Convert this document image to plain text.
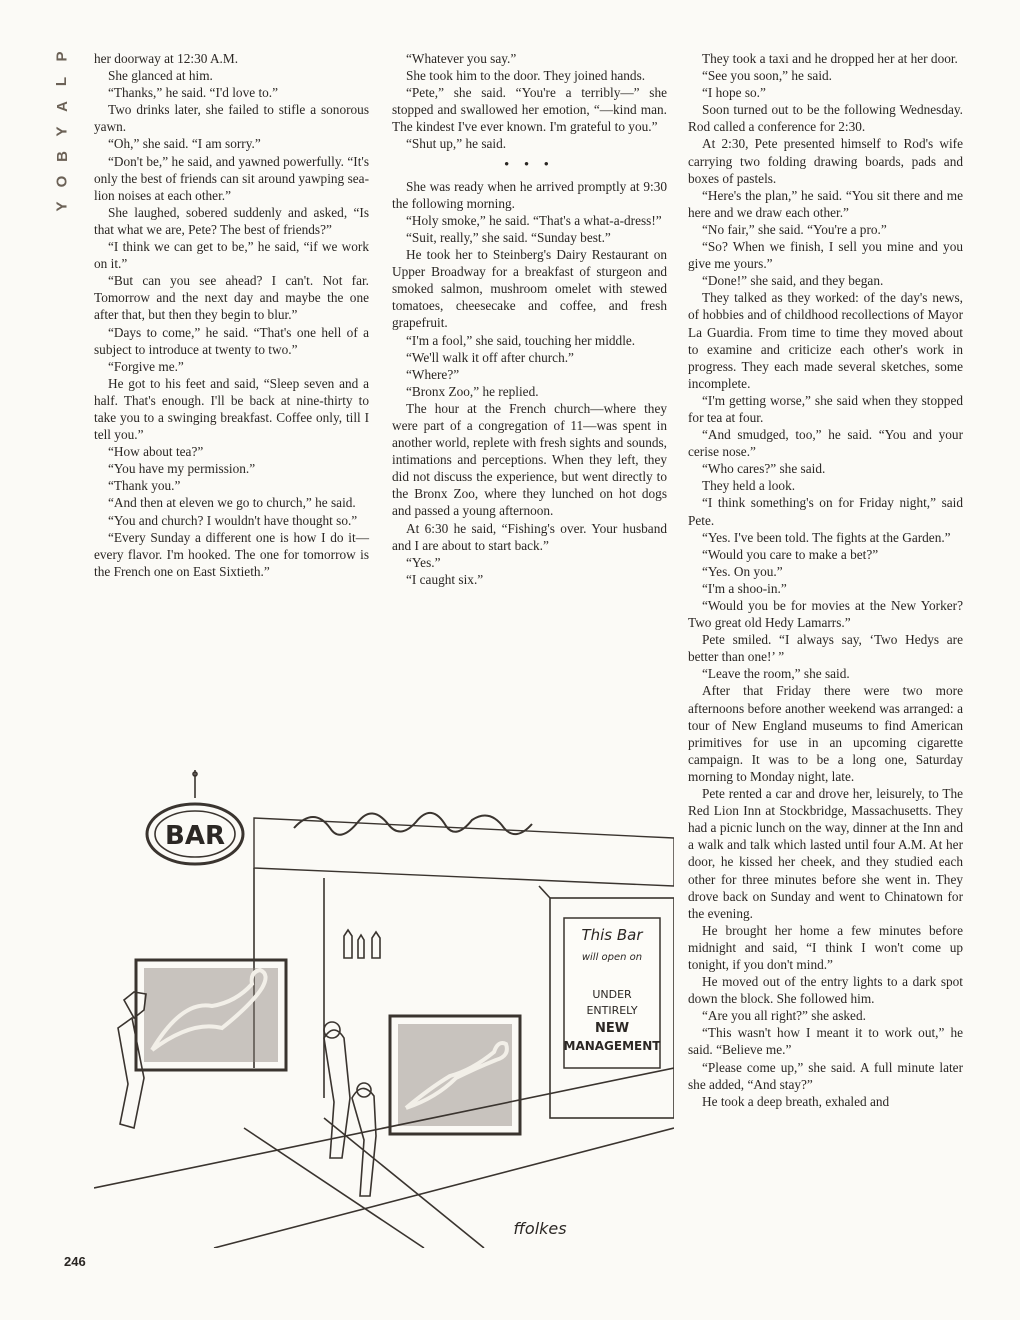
P
L
A
Y
B
O
Y

her doorway at 12:30 A.M.

She glanced at him.

“Thanks,” he said. “I'd love to.”

Two drinks later, she failed to stifle a sonorous yawn.

“Oh,” she said. “I am sorry.”

“Don't be,” he said, and yawned powerfully. “It's only the best of friends can sit around yawping sea-lion noises at each other.”

She laughed, sobered suddenly and asked, “Is that what we are, Pete? The best of friends?”

“I think we can get to be,” he said, “if we work on it.”

“But can you see ahead? I can't. Not far. Tomorrow and the next day and maybe the one after that, but then they begin to blur.”

“Days to come,” he said. “That's one hell of a subject to introduce at twenty to two.”

“Forgive me.”

He got to his feet and said, “Sleep seven and a half. That's enough. I'll be back at nine-thirty to take you to a swinging breakfast. Coffee only, till I tell you.”

“How about tea?”

“You have my permission.”

“Thank you.”

“And then at eleven we go to church,” he said.

“You and church? I wouldn't have thought so.”

“Every Sunday a different one is how I do it—every flavor. I'm hooked. The one for tomorrow is the French one on East Sixtieth.”

“Whatever you say.”

She took him to the door. They joined hands.

“Pete,” she said. “You're a terribly—” she stopped and swallowed her emotion, “—kind man. The kindest I've ever known. I'm grateful to you.”

“Shut up,” he said.

• • •

She was ready when he arrived promptly at 9:30 the following morning.

“Holy smoke,” he said. “That's a what-a-dress!”

“Suit, really,” she said. “Sunday best.”

He took her to Steinberg's Dairy Restaurant on Upper Broadway for a breakfast of sturgeon and smoked salmon, mushroom omelet with stewed tomatoes, cheesecake and coffee, and fresh grapefruit.

“I'm a fool,” she said, touching her middle.

“We'll walk it off after church.”

“Where?”

“Bronx Zoo,” he replied.

The hour at the French church—where they were part of a congregation of 11—was spent in another world, replete with fresh sights and sounds, intimations and perceptions. When they left, they did not discuss the experience, but went directly to the Bronx Zoo, where they lunched on hot dogs and passed a young afternoon.

At 6:30 he said, “Fishing's over. Your husband and I are about to start back.”

“Yes.”

“I caught six.”

They took a taxi and he dropped her at her door.

“See you soon,” he said.

“I hope so.”

Soon turned out to be the following Wednesday. Rod called a conference for 2:30.

At 2:30, Pete presented himself to Rod's wife carrying two folding drawing boards, pads and boxes of pastels.

“Here's the plan,” he said. “You sit there and me here and we draw each other.”

“No fair,” she said. “You're a pro.”

“So? When we finish, I sell you mine and you give me yours.”

“Done!” she said, and they began.

They talked as they worked: of the day's news, of hobbies and of childhood recollections of Mayor La Guardia. From time to time they moved about to examine and criticize each other's work in progress. They each made several sketches, some incomplete.

“I'm getting worse,” she said when they stopped for tea at four.

“And smudged, too,” he said. “You and your cerise nose.”

“Who cares?” she said.

They held a look.

“I think something's on for Friday night,” said Pete.

“Yes. I've been told. The fights at the Garden.”

“Would you care to make a bet?”

“Yes. On you.”

“I'm a shoo-in.”

“Would you be for movies at the New Yorker? Two great old Hedy Lamarrs.”

Pete smiled. “I always say, ‘Two Hedys are better than one!’ ”

“Leave the room,” she said.

After that Friday there were two more afternoons before another weekend was arranged: a tour of New England museums to find American primitives for use in an upcoming cigarette campaign. It was to be a long one, Saturday morning to Monday night, late.

Pete rented a car and drove her, leisurely, to The Red Lion Inn at Stockbridge, Massachusetts. They had a picnic lunch on the way, dinner at the Inn and a walk and talk which lasted until four A.M. At her door, he kissed her cheek, and they studied each other for three minutes before she went in. They drove back on Sunday and went to Chinatown for the evening.

He brought her home a few minutes before midnight and said, “I think I won't come up tonight, if you don't mind.”

He moved out of the entry lights to a dark spot down the block. She followed him.

“Are you all right?” she asked.

“This wasn't how I meant it to work out,” he said. “Believe me.”

“Please come up,” she said. A full minute later she added, “And stay?”

He took a deep breath, exhaled and

BAR
This Bar
will open on
UNDER
ENTIRELY
NEW
MANAGEMENT
ffolkes
246
